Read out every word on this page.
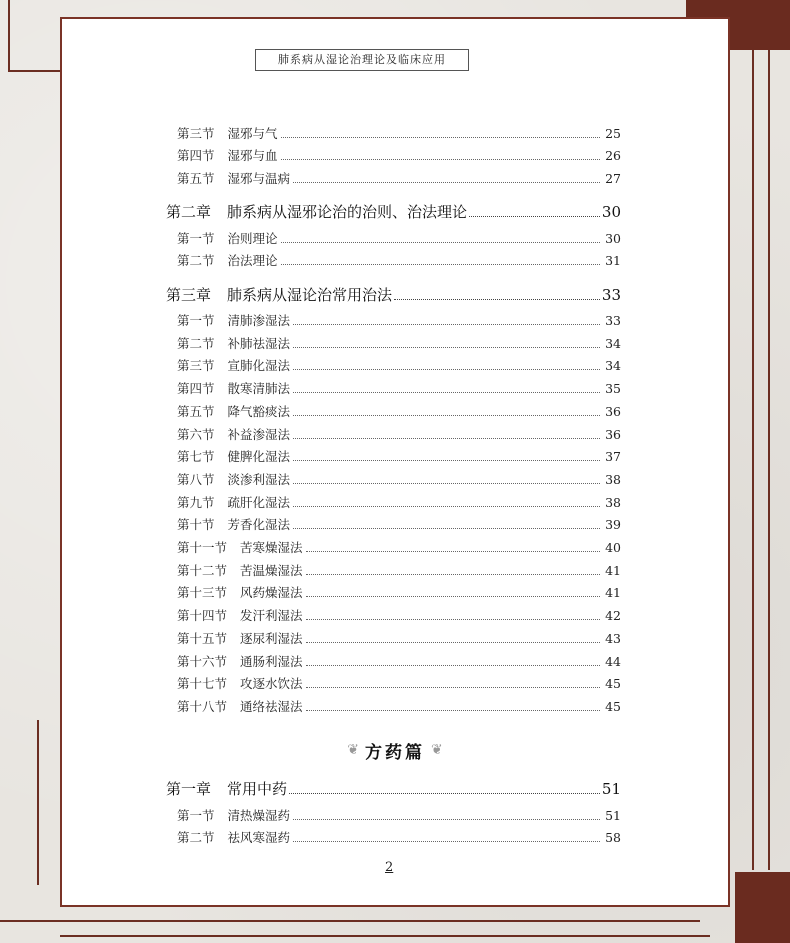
肺系病从湿论治理论及临床应用
第三节 湿邪与气	25
第四节 湿邪与血	26
第五节 湿邪与温病	27
第二章 肺系病从湿邪论治的治则、治法理论	30
第一节 治则理论	30
第二节 治法理论	31
第三章 肺系病从湿论治常用治法	33
第一节 清肺渗湿法	33
第二节 补肺祛湿法	34
第三节 宣肺化湿法	34
第四节 散寒清肺法	35
第五节 降气豁痰法	36
第六节 补益渗湿法	36
第七节 健脾化湿法	37
第八节 淡渗利湿法	38
第九节 疏肝化湿法	38
第十节 芳香化湿法	39
第十一节 苦寒燥湿法	40
第十二节 苦温燥湿法	41
第十三节 风药燥湿法	41
第十四节 发汗利湿法	42
第十五节 逐尿利湿法	43
第十六节 通肠利湿法	44
第十七节 攻逐水饮法	45
第十八节 通络祛湿法	45
第一章 常用中药	51
第一节 清热燥湿药	51
第二节 祛风寒湿药	58
❦ 方药篇 ❦
2
